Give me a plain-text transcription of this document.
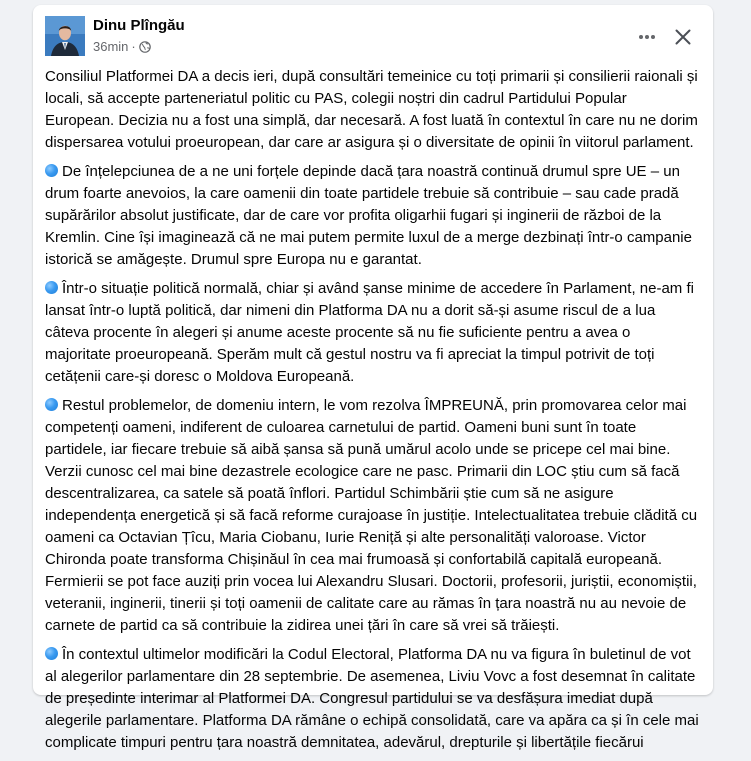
Dinu Plîngău
36min ·

Consiliul Platformei DA a decis ieri, după consultări temeinice cu toți primarii și consilierii raionali și locali, să accepte parteneriatul politic cu PAS, colegii noștri din cadrul Partidului Popular European. Decizia nu a fost una simplă, dar necesară. A fost luată în contextul în care nu ne dorim dispersarea votului proeuropean, dar care ar asigura și o diversitate de opinii în viitorul parlament.

De înțelepciunea de a ne uni forțele depinde dacă țara noastră continuă drumul spre UE – un drum foarte anevoios, la care oamenii din toate partidele trebuie să contribuie – sau cade pradă supărărilor absolut justificate, dar de care vor profita oligarhii fugari și inginerii de război de la Kremlin. Cine își imaginează că ne mai putem permite luxul de a merge dezbinați într-o campanie istorică se amăgește. Drumul spre Europa nu e garantat.

Într-o situație politică normală, chiar și având șanse minime de accedere în Parlament, ne-am fi lansat într-o luptă politică, dar nimeni din Platforma DA nu a dorit să-și asume riscul de a lua câteva procente în alegeri și anume aceste procente să nu fie suficiente pentru a avea o majoritate proeuropeană. Sperăm mult că gestul nostru va fi apreciat la timpul potrivit de toți cetățenii care-și doresc o Moldova Europeană.

Restul problemelor, de domeniu intern, le vom rezolva ÎMPREUNĂ, prin promovarea celor mai competenți oameni, indiferent de culoarea carnetului de partid. Oameni buni sunt în toate partidele, iar fiecare trebuie să aibă șansa să pună umărul acolo unde se pricepe cel mai bine. Verzii cunosc cel mai bine dezastrele ecologice care ne pasc. Primarii din LOC știu cum să facă descentralizarea, ca satele să poată înflori. Partidul Schimbării știe cum să ne asigure independența energetică și să facă reforme curajoase în justiție. Intelectualitatea trebuie clădită cu oameni ca Octavian Țîcu, Maria Ciobanu, Iurie Reniță și alte personalități valoroase. Victor Chironda poate transforma Chișinăul în cea mai frumoasă și confortabilă capitală europeană. Fermierii se pot face auziți prin vocea lui Alexandru Slusari. Doctorii, profesorii, juriștii, economiștii, veteranii, inginerii, tinerii și toți oamenii de calitate care au rămas în țara noastră nu au nevoie de carnete de partid ca să contribuie la zidirea unei țări în care să vrei să trăiești.

În contextul ultimelor modificări la Codul Electoral, Platforma DA nu va figura în buletinul de vot al alegerilor parlamentare din 28 septembrie. De asemenea, Liviu Vovc a fost desemnat în calitate de președinte interimar al Platformei DA. Congresul partidului se va desfășura imediat după alegerile parlamentare. Platforma DA rămâne o echipă consolidată, care va apăra ca și în cele mai complicate timpuri pentru țara noastră demnitatea, adevărul, drepturile și libertățile fiecărui
